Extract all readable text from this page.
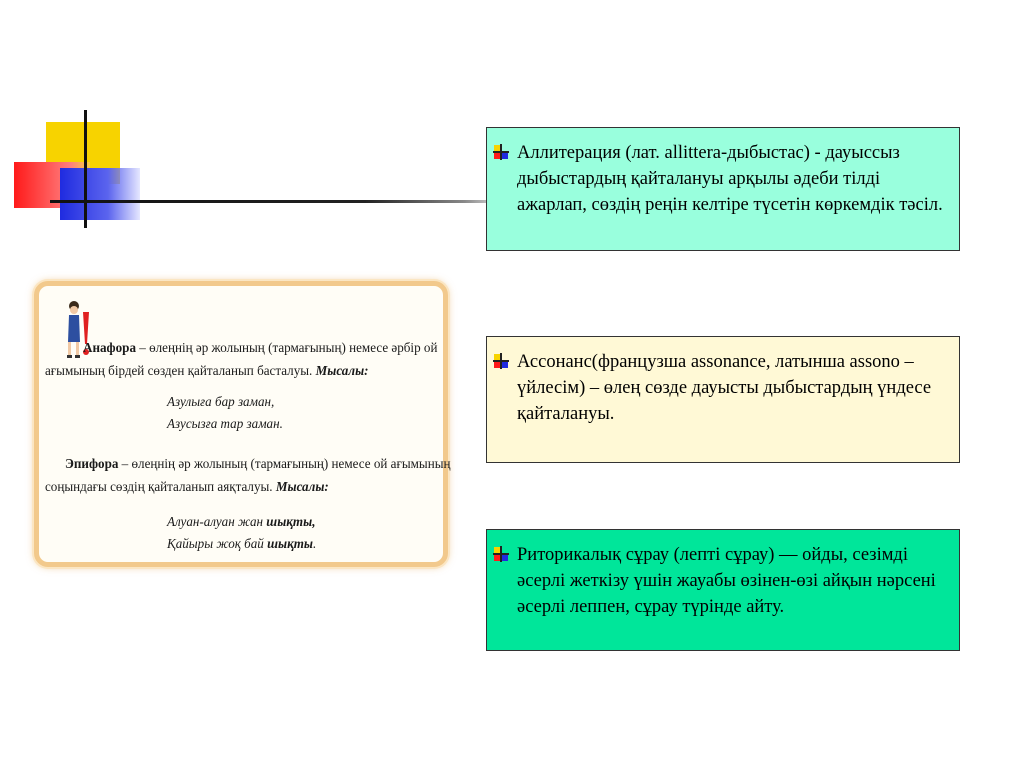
Аллитерация (лат. allittera-дыбыстас) - дауыссыз дыбыстардың қайталануы арқылы әдеби тілді ажарлап, сөздің реңін келтіре түсетін көркемдік тәсіл.
Ассонанс(французша assonance, латынша assono – үйлесім) – өлең сөзде дауысты дыбыстардың үндесе қайталануы.
Риторикалық сұрау (лепті сұрау) — ойды, сезімді әсерлі жеткізу үшін жауабы өзінен-өзі айқын нәрсені әсерлі леппен, сұрау түрінде айту.
Анафора – өлеңнің әр жолының (тармағының) немесе әрбір ой
ағымының бірдей сөзден қайталанып басталуы. Мысалы:
Азулыға бар заман,
Азусызға тар заман.
Эпифора – өлеңнің әр жолының (тармағының) немесе ой ағымының
соңындағы сөздің қайталанып аяқталуы. Мысалы:
Алуан-алуан жан шықты,
Қайыры жоқ бай шықты.
